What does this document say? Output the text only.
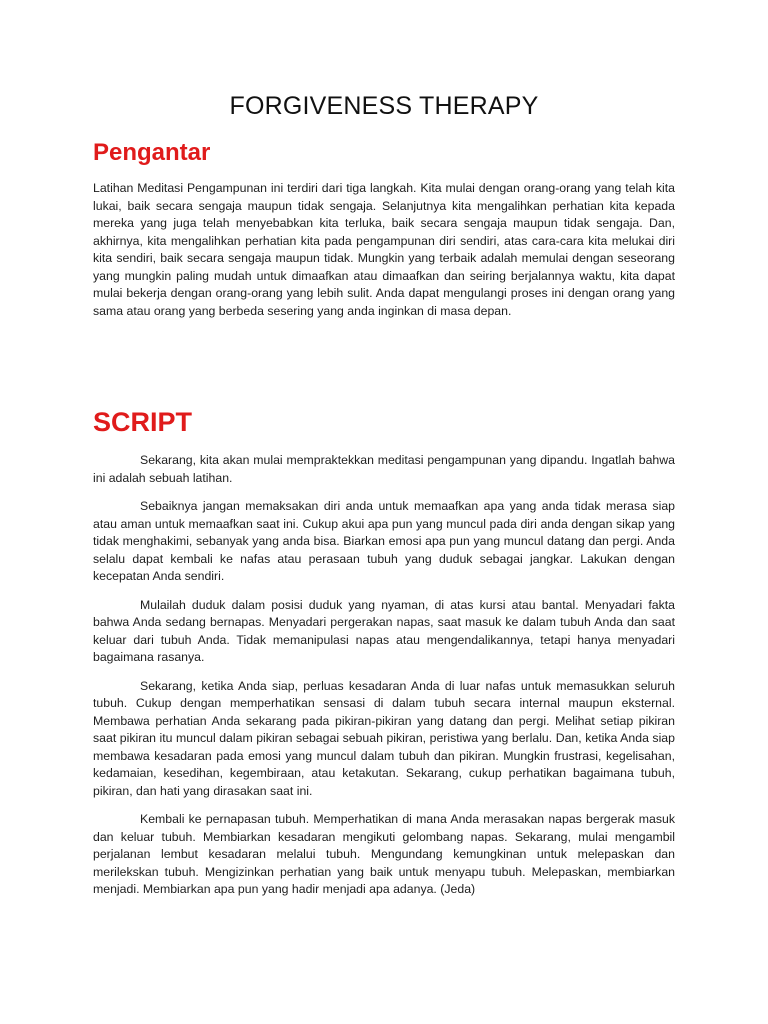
FORGIVENESS THERAPY
Pengantar

Latihan Meditasi Pengampunan ini terdiri dari tiga langkah. Kita mulai dengan orang-orang yang telah kita lukai, baik secara sengaja maupun tidak sengaja. Selanjutnya kita mengalihkan perhatian kita kepada mereka yang juga telah menyebabkan kita terluka, baik secara sengaja maupun tidak sengaja. Dan, akhirnya, kita mengalihkan perhatian kita pada pengampunan diri sendiri, atas cara-cara kita melukai diri kita sendiri, baik secara sengaja maupun tidak. Mungkin yang terbaik adalah memulai dengan seseorang yang mungkin paling mudah untuk dimaafkan atau dimaafkan dan seiring berjalannya waktu, kita dapat mulai bekerja dengan orang-orang yang lebih sulit. Anda dapat mengulangi proses ini dengan orang yang sama atau orang yang berbeda sesering yang anda inginkan di masa depan.

SCRIPT

Sekarang, kita akan mulai mempraktekkan meditasi pengampunan yang dipandu. Ingatlah bahwa ini adalah sebuah latihan.

Sebaiknya jangan memaksakan diri anda untuk memaafkan apa yang anda tidak merasa siap atau aman untuk memaafkan saat ini. Cukup akui apa pun yang muncul pada diri anda dengan sikap yang tidak menghakimi, sebanyak yang anda bisa. Biarkan emosi apa pun yang muncul datang dan pergi. Anda selalu dapat kembali ke nafas atau perasaan tubuh yang duduk sebagai jangkar. Lakukan dengan kecepatan Anda sendiri.

Mulailah duduk dalam posisi duduk yang nyaman, di atas kursi atau bantal. Menyadari fakta bahwa Anda sedang bernapas. Menyadari pergerakan napas, saat masuk ke dalam tubuh Anda dan saat keluar dari tubuh Anda. Tidak memanipulasi napas atau mengendalikannya, tetapi hanya menyadari bagaimana rasanya.

Sekarang, ketika Anda siap, perluas kesadaran Anda di luar nafas untuk memasukkan seluruh tubuh. Cukup dengan memperhatikan sensasi di dalam tubuh secara internal maupun eksternal. Membawa perhatian Anda sekarang pada pikiran-pikiran yang datang dan pergi. Melihat setiap pikiran saat pikiran itu muncul dalam pikiran sebagai sebuah pikiran, peristiwa yang berlalu. Dan, ketika Anda siap membawa kesadaran pada emosi yang muncul dalam tubuh dan pikiran. Mungkin frustrasi, kegelisahan, kedamaian, kesedihan, kegembiraan, atau ketakutan. Sekarang, cukup perhatikan bagaimana tubuh, pikiran, dan hati yang dirasakan saat ini.

Kembali ke pernapasan tubuh. Memperhatikan di mana Anda merasakan napas bergerak masuk dan keluar tubuh. Membiarkan kesadaran mengikuti gelombang napas. Sekarang, mulai mengambil perjalanan lembut kesadaran melalui tubuh. Mengundang kemungkinan untuk melepaskan dan merilekskan tubuh. Mengizinkan perhatian yang baik untuk menyapu tubuh. Melepaskan, membiarkan menjadi. Membiarkan apa pun yang hadir menjadi apa adanya. (Jeda)
